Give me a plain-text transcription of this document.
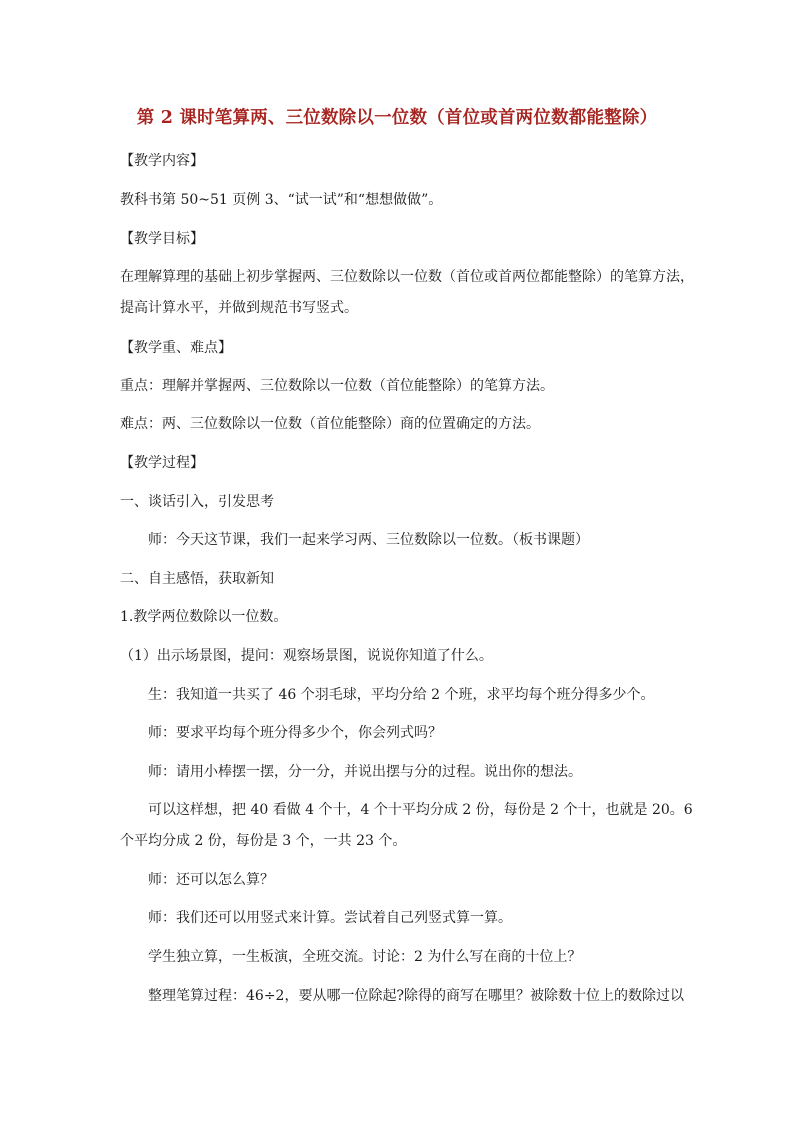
第 2 课时笔算两、三位数除以一位数（首位或首两位数都能整除）
【教学内容】
教科书第 50~51 页例 3、“试一试”和“想想做做”。
【教学目标】
在理解算理的基础上初步掌握两、三位数除以一位数（首位或首两位都能整除）的笔算方法，
提高计算水平，并做到规范书写竖式。
【教学重、难点】
重点：理解并掌握两、三位数除以一位数（首位能整除）的笔算方法。
难点：两、三位数除以一位数（首位能整除）商的位置确定的方法。
【教学过程】
一、谈话引入，引发思考
师：今天这节课，我们一起来学习两、三位数除以一位数。（板书课题）
二、自主感悟，获取新知
1.教学两位数除以一位数。
（1）出示场景图，提问：观察场景图，说说你知道了什么。
生：我知道一共买了 46 个羽毛球，平均分给 2 个班，求平均每个班分得多少个。
师：要求平均每个班分得多少个，你会列式吗？
师：请用小棒摆一摆，分一分，并说出摆与分的过程。说出你的想法。
可以这样想，把 40 看做 4 个十，4 个十平均分成 2 份，每份是 2 个十，也就是 20。6
个平均分成 2 份，每份是 3 个，一共 23 个。
师：还可以怎么算？
师：我们还可以用竖式来计算。尝试着自己列竖式算一算。
学生独立算，一生板演，全班交流。讨论：2 为什么写在商的十位上？
整理笔算过程：46÷2，要从哪一位除起?除得的商写在哪里？被除数十位上的数除过以
